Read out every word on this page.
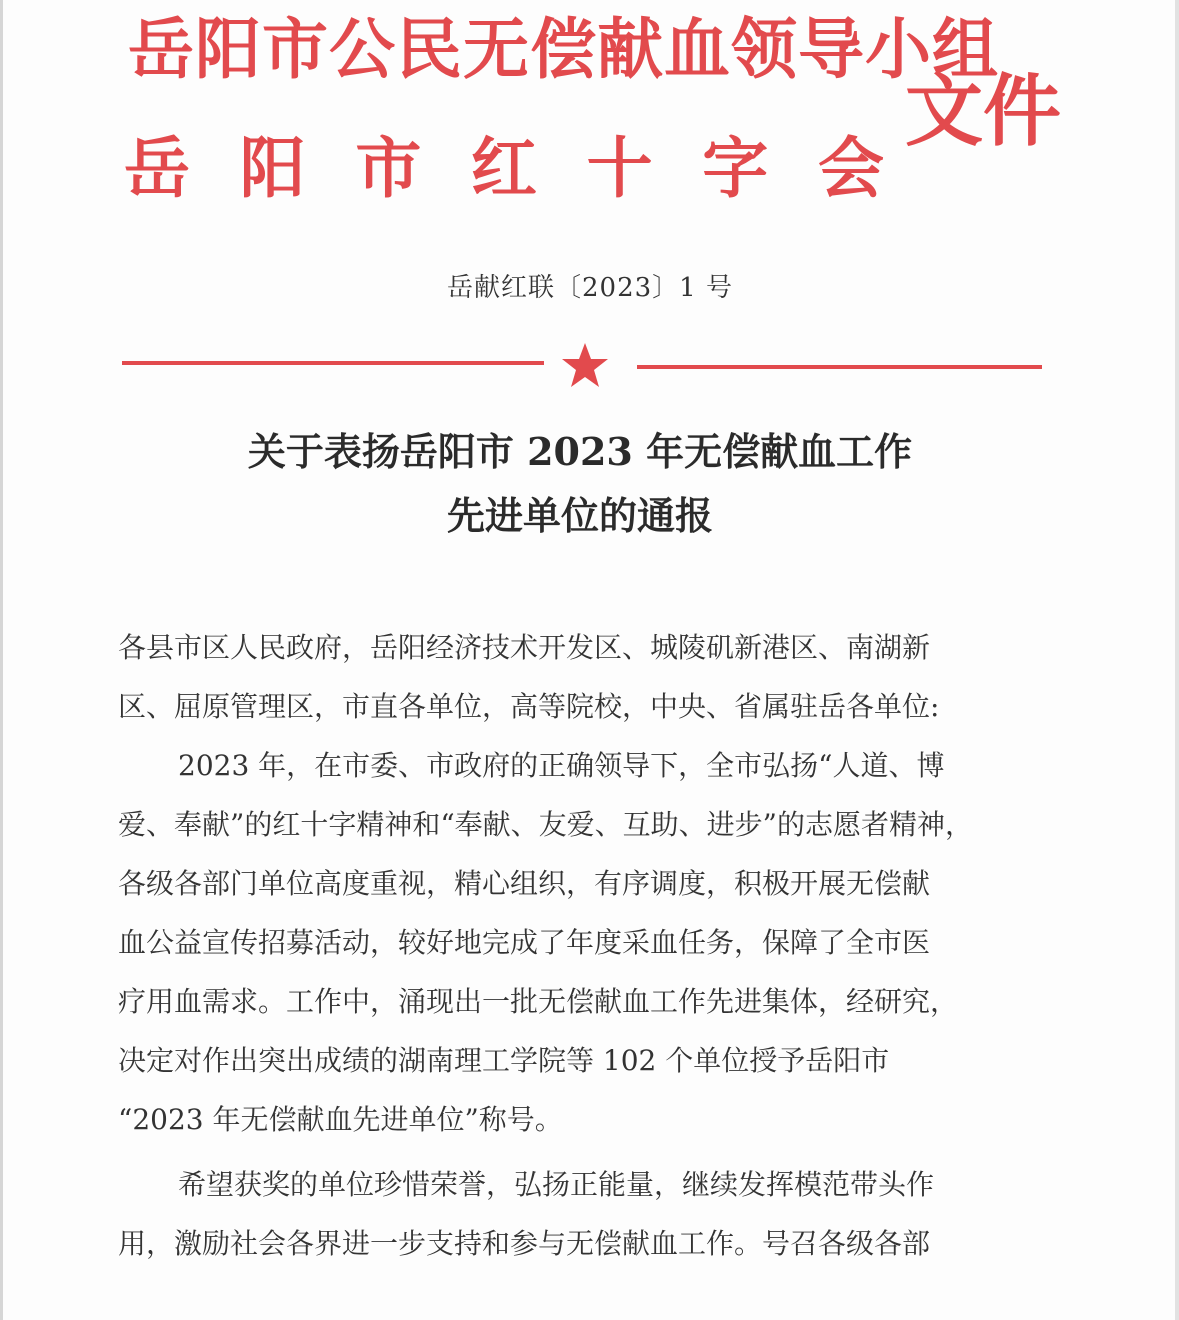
岳阳市公民无偿献血领导小组
岳 阳 市 红 十 字 会
文件
岳献红联〔2023〕1 号
关于表扬岳阳市 2023 年无偿献血工作
先进单位的通报
各县市区人民政府，岳阳经济技术开发区、城陵矶新港区、南湖新
区、屈原管理区，市直各单位，高等院校，中央、省属驻岳各单位:
2023 年，在市委、市政府的正确领导下，全市弘扬“人道、博
爱、奉献”的红十字精神和“奉献、友爱、互助、进步”的志愿者精神，
各级各部门单位高度重视，精心组织，有序调度，积极开展无偿献
血公益宣传招募活动，较好地完成了年度采血任务，保障了全市医
疗用血需求。工作中，涌现出一批无偿献血工作先进集体，经研究，
决定对作出突出成绩的湖南理工学院等 102 个单位授予岳阳市
“2023 年无偿献血先进单位”称号。
希望获奖的单位珍惜荣誉，弘扬正能量，继续发挥模范带头作
用，激励社会各界进一步支持和参与无偿献血工作。号召各级各部
